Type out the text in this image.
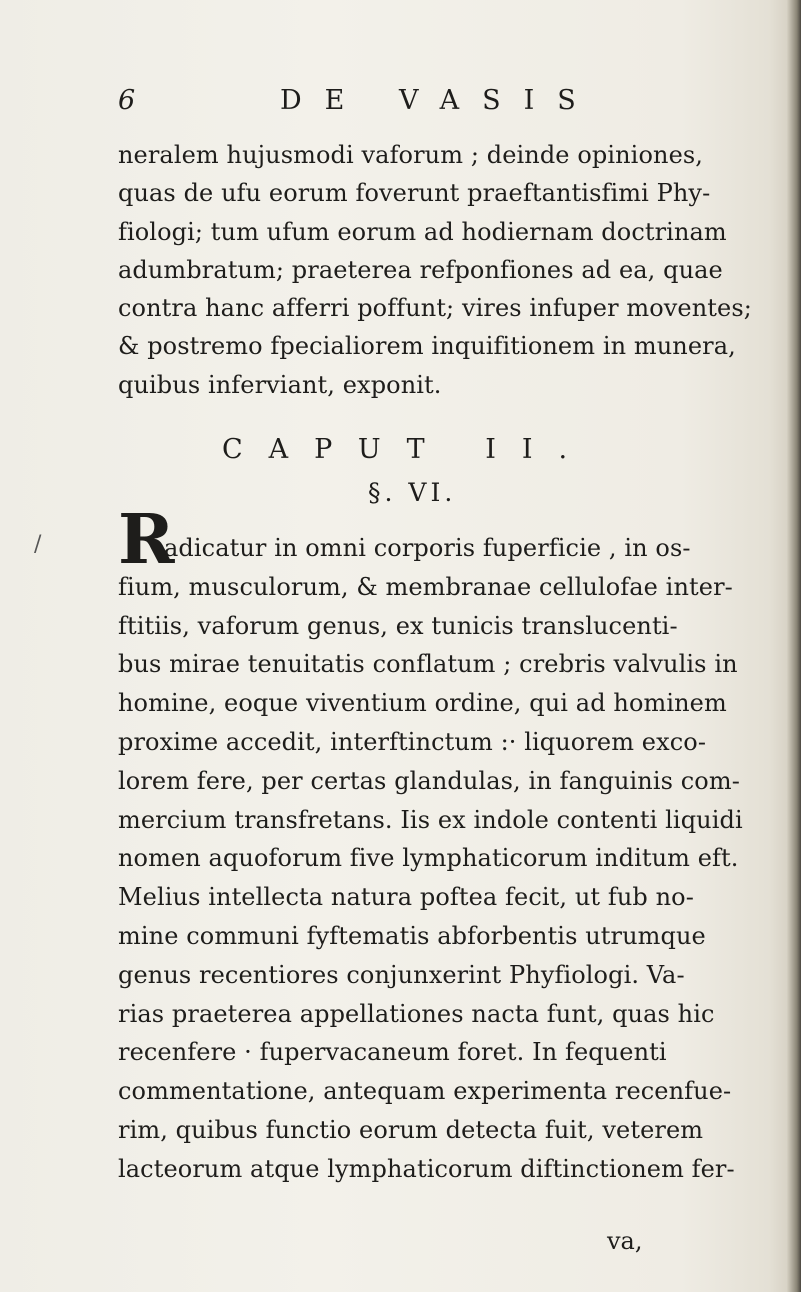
6	DE VASIS
neralem hujusmodi vaforum ; deinde opiniones,
quas de ufu eorum foverunt praeftantisfimi Phy-
fiologi; tum ufum eorum ad hodiernam doctrinam
adumbratum; praeterea refponfiones ad ea, quae
contra hanc afferri poffunt; vires infuper moventes;
& postremo fpecialiorem inquifitionem in munera,
quibus inferviant, exponit.
CAPUT II.
§. VI.
/ R
adicatur in omni corporis fuperficie , in os-
fium, musculorum, & membranae cellulofae inter-
ftitiis, vaforum genus, ex tunicis translucenti-
bus mirae tenuitatis conflatum ; crebris valvulis in
homine, eoque viventium ordine, qui ad hominem
proxime accedit, interftinctum :· liquorem exco-
lorem fere, per certas glandulas, in fanguinis com-
mercium transfretans. Iis ex indole contenti liquidi
nomen aquoforum five lymphaticorum inditum eft.
Melius intellecta natura poftea fecit, ut fub no-
mine communi fyftematis abforbentis utrumque
genus recentiores conjunxerint Phyfiologi. Va-
rias praeterea appellationes nacta funt, quas hic
recenfere · fupervacaneum foret. In fequenti
commentatione, antequam experimenta recenfue-
rim, quibus functio eorum detecta fuit, veterem
lacteorum atque lymphaticorum diftinctionem fer-
va,
